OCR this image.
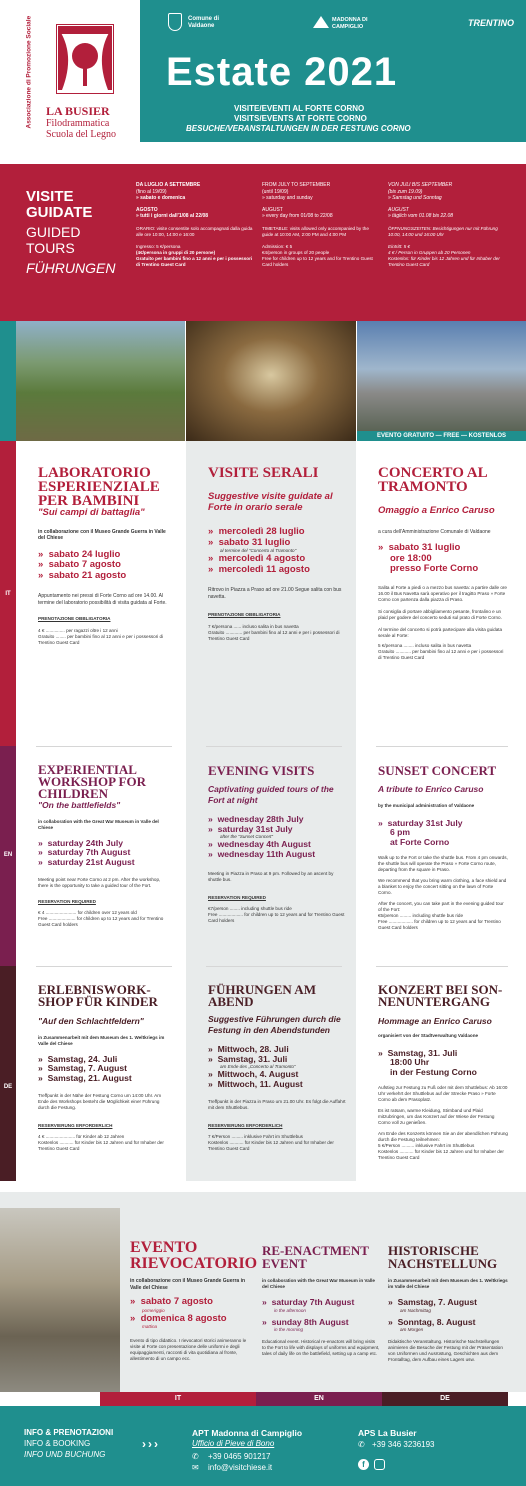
Associazione di Promozione Sociale LA BUSIER
Filodrammatica
Scuola del Legno
Comune di Valdaone
MADONNA DI CAMPIGLIO	TRENTINO
Estate 2021
VISITE/EVENTI AL FORTE CORNO
VISITS/EVENTS AT FORTE CORNO
BESUCHE/VERANSTALTUNGEN IN DER FESTUNG CORNO
VISITE
GUIDATE
GUIDED
TOURS
FÜHRUNGEN
DA LUGLIO A SETTEMBRE
(fino al 19/09)
» sabato e domenica
AGOSTO
» tutti i giorni dall'1/08 al 22/08
ORARIO: visite consentite solo accompagnati dalla guida alle ore 10:00, 14:00 e 16:00
Ingresso: 5 €/persona
(4€/persona in gruppi di 20 persone)
Gratuito per bambini fino a 12 anni e per i possessori di Trentino Guest Card
FROM JULY TO SEPTEMBER
(until 19/09)
» saturday and sunday
AUGUST
» every day from 01/08 to 22/08
TIMETABLE: visits allowed only accompanied by the guide at 10:00 AM, 2:00 PM and 4:00 PM
Admission: € 5
€4/person in groups of 20 people
Free for children up to 12 years and for Trentino Guest Card holders
VON JULI BIS SEPTEMBER
(bis zum 19.09)
» Samstag und Sonntag
AUGUST
» täglich vom 01.08 bis 22.08
ÖFFNUNGSZEITEN: Besichtigungen nur mit Führung 10:00, 14:00 und 16:00 Uhr
Eintritt: 5 €
4 € / Person in Gruppen ab 20 Personen
Kostenlos: für Kinder bis 12 Jahren und für Inhaber der Trentino Guest Card
EVENTO GRATUITO — FREE — KOSTENLOS
IT
EN
DE
LABORATORIO
ESPERIENZIALE
PER BAMBINI
"Sui campi di battaglia"
in collaborazione con il Museo Grande Guerra in Valle del Chiese
»  sabato 24 luglio
»  sabato 7 agosto
»  sabato 21 agosto
Appuntamento nei pressi di Forte Corno ad ore 14.00. Al termine del laboratorio possibilità di visita guidata al Forte.
PRENOTAZIONE OBBLIGATORIA
4 € ............... per ragazzi oltre i 12 anni
Gratuito ........ per bambini fino al 12 anni e per i possessori di Trentino Guest Card
VISITE SERALI
Suggestive visite guidate al Forte in orario serale
»  mercoledì 28 luglio
»  sabato 31 luglio
al termine del "Concerto al Tramonto"
»  mercoledì 4 agosto
»  mercoledì 11 agosto
Ritrovo in Piazza a Praso ad ore 21.00 Segue salita con bus navetta.
PRENOTAZIONE OBBLIGATORIA
7 €/persona ...... incluso salita in bus navetta
Gratuito ............. per bambini fino al 12 anni e per i possessori di Trentino Guest Card
CONCERTO AL
TRAMONTO
Omaggio a Enrico Caruso
a cura dell'Amministrazione Comunale di Valdaone
»  sabato 31 luglio
ore 18:00
presso Forte Corno
Salita al Forte a piedi o a mezzo bus navetta: a partire dalle ore 16.00 il Bus Navetta sarà operativo per il tragitto Praso » Forte Corno con partenza dalla piazza di Praso.
Si consiglia di portare abbigliamento pesante, frontalino e un plaid per godere del concerto seduti sul prato di Forte Corno.
Al termine del concerto si potrà partecipare alla visita guidata serale al Forte:
5 €/persona ........ incluso salita in bus navetta
Gratuito ............ per bambini fino al 12 anni e per i possessori di Trentino Guest Card
EXPERIENTIAL
WORKSHOP FOR
CHILDREN
"On the battlefields"
in collaboration with the Great War Museum in Valle del Chiese
»  saturday 24th July
»  saturday 7th August
»  saturday 21st August
Meeting point near Forte Corno at 2 pm. After the workshop, there is the opportunity to take a guided tour of the Fort.
RESERVATION REQUIRED
€ 4 ........................ for children over 12 years old
Free ..................... for children up to 12 years and for Trentino Guest Card holders
EVENING VISITS
Captivating guided tours of the Fort at night
»  wednesday 28th July
»  saturday 31st July
after the "Sunset Concert"
»  wednesday 4th August
»  wednesday 11th August
Meeting in Piazza in Praso at 9 pm. Followed by an ascent by shuttle bus.
RESERVATION REQUIRED
€7/person ........ including shuttle bus ride
Free ................... for children up to 12 years and for Trentino Guest Card holders
SUNSET CONCERT
A tribute to Enrico Caruso
by the municipal administration of Valdaone
»  saturday 31st July
6 pm
at Forte Corno
Walk up to the Fort or take the shuttle bus. From 4 pm onwards, the shuttle bus will operate the Praso » Forte Corno route, departing from the square in Praso.
We recommend that you bring warm clothing, a face shield and a blanket to enjoy the concert sitting on the lawn of Forte Corno.
After the concert, you can take part in the evening guided tour of the Fort:
€5/person ......... including shuttle bus ride
Free ................... for children up to 12 years and for Trentino Guest Card holders
ERLEBNISWORK-
SHOP FÜR KINDER
"Auf den Schlachtfeldern"
in Zusammenarbeit mit dem Museum des 1. Weltkriegs im Valle del Chiese
»  Samstag, 24. Juli
»  Samstag, 7. August
»  Samstag, 21. August
Treffpunkt in der Nähe der Festung Corno um 14:00 Uhr. Am Ende des Workshops besteht die Möglichkeit einer Führung durch die Festung.
RESERVIERUNG ERFORDERLICH
4 € ....................... für Kinder ab 12 Jahren
Kostenlos ........... für Kinder bis 12 Jahren und für Inhaber der Trentino Guest Card
FÜHRUNGEN AM
ABEND
Suggestive Führungen durch die Festung in den Abendstunden
»  Mittwoch, 28. Juli
»  Samstag, 31. Juli
am Ende des „Concerto al Tramonto"
»  Mittwoch, 4. August
»  Mittwoch, 11. August
Treffpunkt in der Piazza in Praso um 21.00 Uhr. Es folgt die Auffahrt mit dem Shuttlebus.
RESERVIERUNG ERFORDERLICH
7 €/Person ......... inklusive Fahrt im Shuttlebus
Kostenlos ........... für Kinder bis 12 Jahren und für Inhaber der Trentino Guest Card
KONZERT BEI SON-
NENUNTERGANG
Hommage an Enrico Caruso
organisiert von der Stadtverwaltung Valdaone
»  Samstag, 31. Juli
18:00 Uhr
in der Festung Corno
Aufstieg zur Festung zu Fuß oder mit dem Shuttlebus: Ab 16:00 Uhr verkehrt der Shuttlebus auf der Strecke Praso » Forte Corno ab dem Prasoplatz.
Es ist ratsam, warme Kleidung, Stirnband und Plaid mitzubringen, um das Konzert auf der Wiese der Festung Corno voll zu genießen.
Am Ende des Konzerts können Sie an der abendlichen Führung durch die Festung teilnehmen:
5 €/Person .......... inklusive Fahrt im Shuttlebus
Kostenlos ........... für Kinder bis 12 Jahren und für Inhaber der Trentino Guest Card
EVENTO
RIEVOCATORIO
in collaborazione con il Museo Grande Guerra in Valle del Chiese
»  sabato 7 agosto
pomeriggio
»  domenica 8 agosto
mattina
Evento di tipo didattico. I rievocatori storici animeranno le visite al Forte con presentazione delle uniformi e degli equipaggiamenti, racconti di vita quotidiana al fronte, allestimento di un campo ecc.
RE-ENACTMENT
EVENT
in collaboration with the Great War Museum in Valle del Chiese
»  saturday 7th August
in the afternoon
»  sunday 8th August
in the morning
Educational event. Historical re-enactors will bring visits to the Fort to life with displays of uniforms and equipment, tales of daily life on the battlefield, setting up a camp etc.
HISTORISCHE
NACHSTELLUNG
in Zusammenarbeit mit dem Museum des 1. Weltkriegs im Valle del Chiese
»  Samstag, 7. August
am Nachmittag
»  Sonntag, 8. August
am Morgen
Didaktische Veranstaltung. Historische Nachstellungen animieren die Besuche der Festung mit der Präsentation von Uniformen und Ausrüstung, Geschichten aus dem Frontalltag, dem Aufbau eines Lagers usw.
IT	EN	DE
INFO & PRENOTAZIONI
INFO & BOOKING
INFO UND BUCHUNG
›››
APT Madonna di Campiglio
Ufficio di Pieve di Bono
✆ +39 0465 901217
✉ info@visitchiese.it
APS La Busier
✆ +39 346 3236193
f
